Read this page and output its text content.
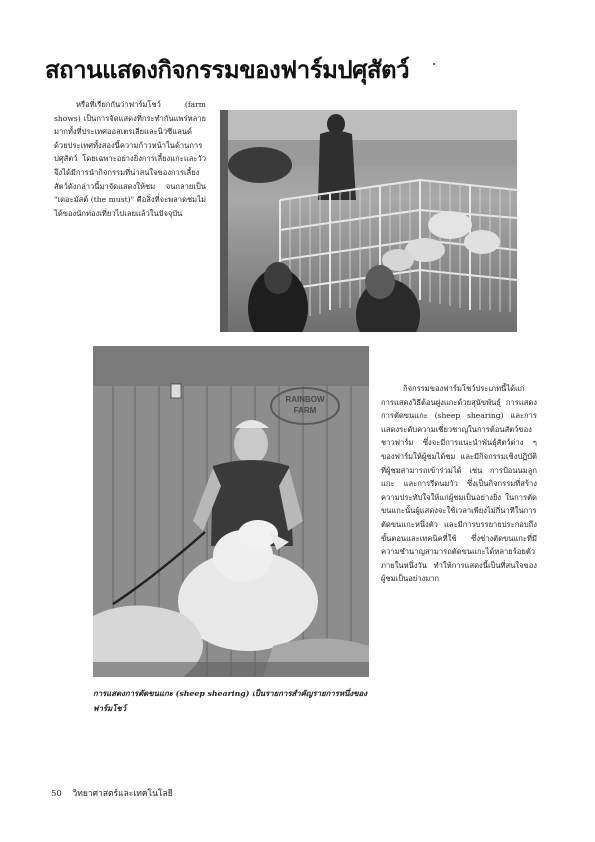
สถานแสดงกิจกรรมของฟาร์มปศุสัตว์

หรือที่เรียกกันว่าฟาร์มโชว์ (farm shows) เป็นการจัดแสดงที่กระทำกันแพร่หลายมากทั้งที่ประเทศออสเตรเลียและนิวซีแลนด์ ด้วยประเทศทั้งสองนี้ความก้าวหน้าในด้านการปศุสัตว์ โดยเฉพาะอย่างยิ่งการเลี้ยงแกะและวัว จึงได้มีการนำกิจกรรมที่น่าสนใจของการเลี้ยงสัตว์ดังกล่าวนี้มาจัดแสดงให้ชม จนกลายเป็น "เดอะมัสต์ (the must)" คือสิ่งที่จะพลาดชมไม่ได้ของนักท่องเที่ยวไปเลยแล้วในปัจจุบัน

RAINBOW
FARM

กิจกรรมของฟาร์มโชว์ประเภทนี้ได้แก่การแสดงวิธีต้อนฝูงแกะด้วยสุนัขพันธุ์ การแสดงการตัดขนแกะ (sheep shearing) และการแสดงระดับความเชี่ยวชาญในการต้อนสัตว์ของชาวฟาร์ม ซึ่งจะมีการแนะนำพันธุ์สัตว์ต่าง ๆ ของฟาร์มให้ผู้ชมได้ชม และมีกิจกรรมเชิงปฏิบัติที่ผู้ชมสามารถเข้าร่วมได้ เช่น การป้อนนมลูกแกะ และการรีดนมวัว ซึ่งเป็นกิจกรรมที่สร้างความประทับใจให้แก่ผู้ชมเป็นอย่างยิ่ง ในการตัดขนแกะนั้นผู้แสดงจะใช้เวลาเพียงไม่กี่นาทีในการตัดขนแกะหนึ่งตัว และมีการบรรยายประกอบถึงขั้นตอนและเทคนิคที่ใช้ ซึ่งช่างตัดขนแกะที่มีความชำนาญสามารถตัดขนแกะได้หลายร้อยตัวภายในหนึ่งวัน ทำให้การแสดงนี้เป็นที่สนใจของผู้ชมเป็นอย่างมาก

การแสดงการตัดขนแกะ (sheep shearing) เป็นรายการสำคัญรายการหนึ่งของฟาร์มโชว์
50 วิทยาศาสตร์และเทคโนโลยี
